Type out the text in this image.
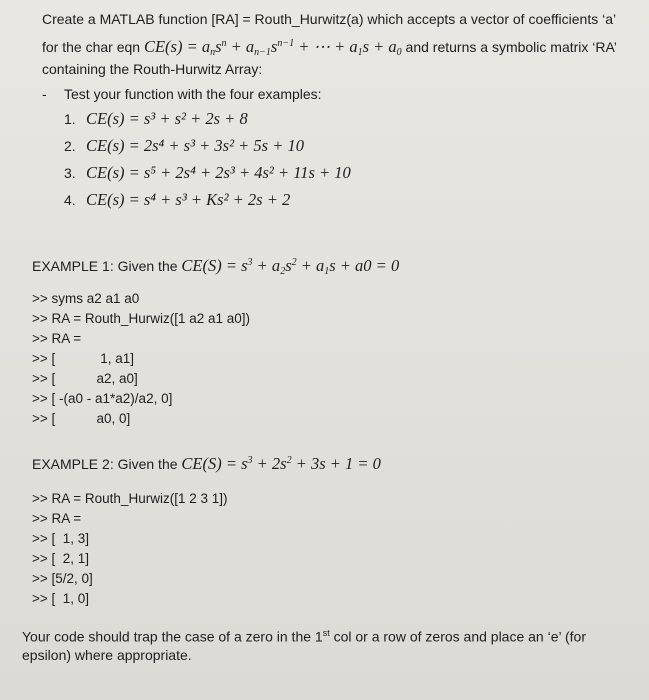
Create a MATLAB function [RA] = Routh_Hurwitz(a) which accepts a vector of coefficients ‘a’
for the char eqn $CE(s) = a_ns^n + a_{n-1}s^{n-1}$ + ⋯ + $a_1s + a_0$ and returns a symbolic matrix ‘RA’
containing the Routh-Hurwitz Array:
- Test your function with the four examples:
1. CE(s) = s³ + s² + 2s + 8
2. CE(s) = 2s⁴ + s³ + 3s² + 5s + 10
3. CE(s) = s⁵ + 2s⁴ + 2s³ + 4s² + 11s + 10
4. CE(s) = s⁴ + s³ + Ks² + 2s + 2
EXAMPLE 1: Given the $CE(S) = s^3 + a_2s^2 + a_1s + a0 = 0$
>> syms a2 a1 a0
>> RA = Routh_Hurwiz([1 a2 a1 a0])
>> RA =
>> [            1, a1]
>> [           a2, a0]
>> [ -(a0 - a1*a2)/a2, 0]
>> [           a0, 0]
EXAMPLE 2: Given the $CE(S) = s^3 + 2s^2 + 3s + 1 = 0$
>> RA = Routh_Hurwiz([1 2 3 1])
>> RA =
>> [  1, 3]
>> [  2, 1]
>> [5/2, 0]
>> [  1, 0]
Your code should trap the case of a zero in the 1st col or a row of zeros and place an ‘e’ (for
epsilon) where appropriate.
